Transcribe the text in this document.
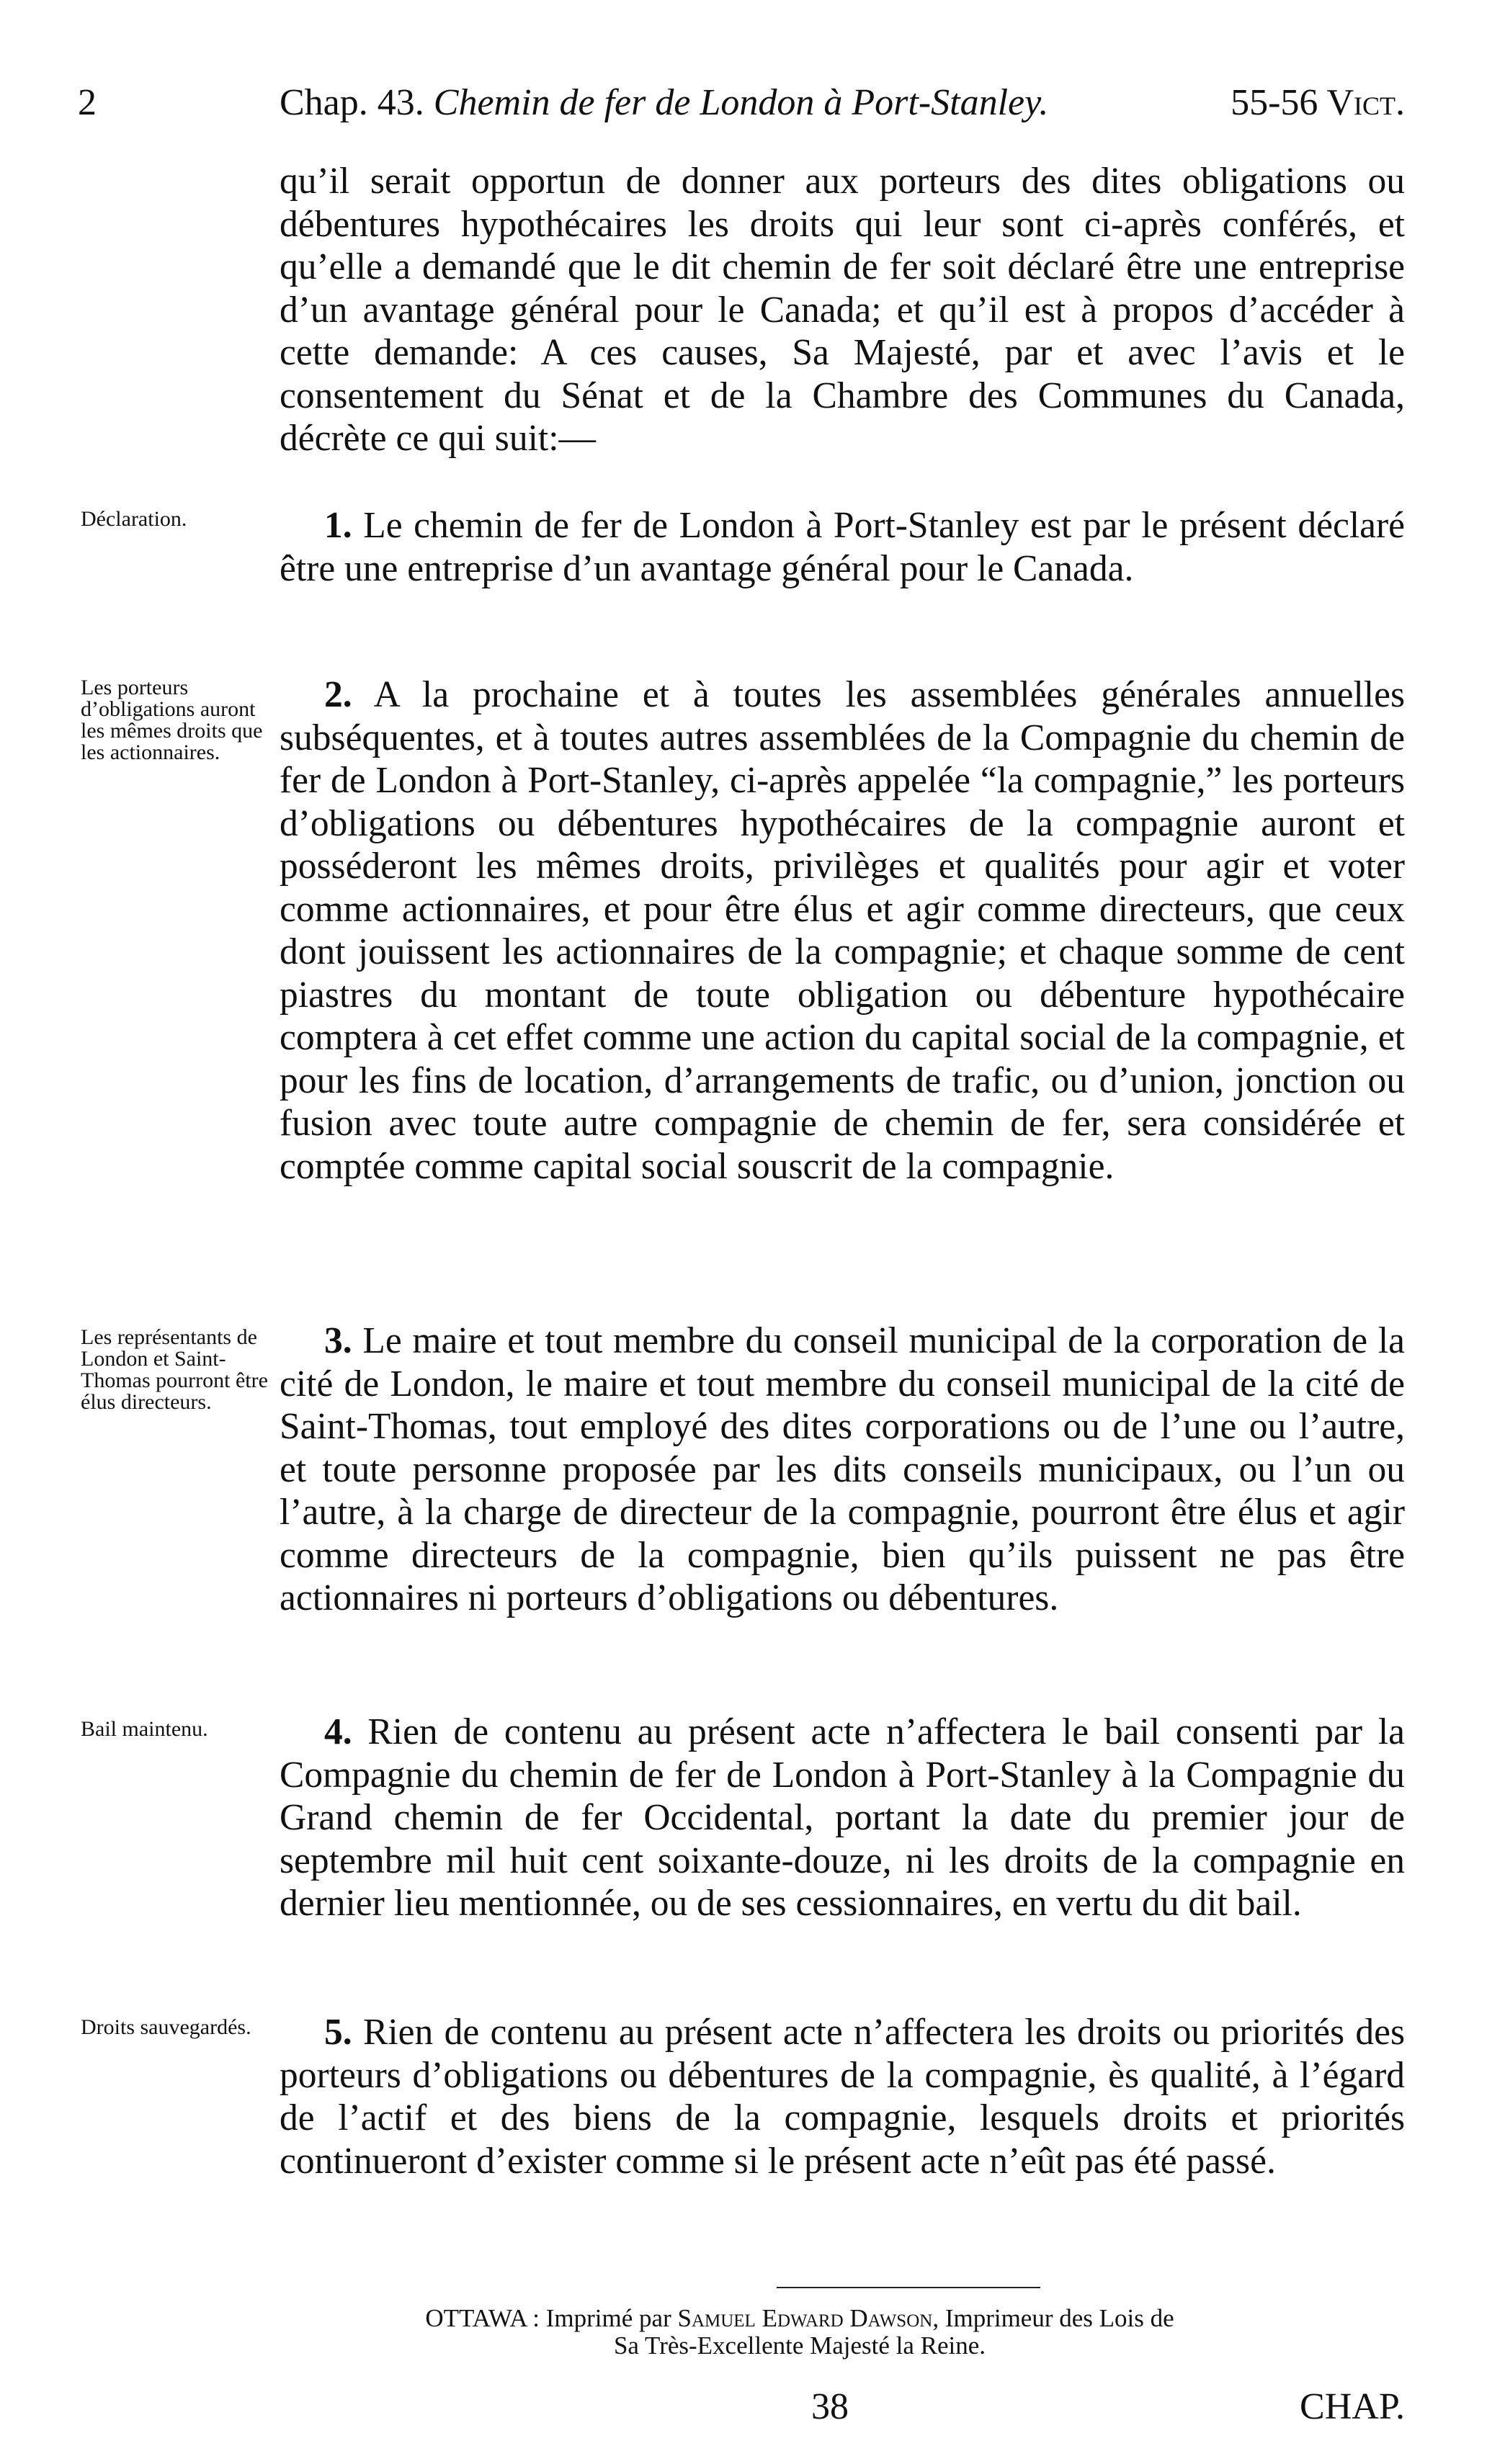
2	Chap. 43. Chemin de fer de London à Port-Stanley.	55-56 Vict.
qu’il serait opportun de donner aux porteurs des dites obligations ou débentures hypothécaires les droits qui leur sont ci-après conférés, et qu’elle a demandé que le dit chemin de fer soit déclaré être une entreprise d’un avantage général pour le Canada; et qu’il est à propos d’accéder à cette demande: A ces causes, Sa Majesté, par et avec l’avis et le consentement du Sénat et de la Chambre des Communes du Canada, décrète ce qui suit:—
Déclaration.	1. Le chemin de fer de London à Port-Stanley est par le présent déclaré être une entreprise d’un avantage général pour le Canada.
Les porteurs d’obligations auront les mêmes droits que les actionnaires.
2. A la prochaine et à toutes les assemblées générales annuelles subséquentes, et à toutes autres assemblées de la Compagnie du chemin de fer de London à Port-Stanley, ci-après appelée “la compagnie,” les porteurs d’obligations ou débentures hypothécaires de la compagnie auront et posséderont les mêmes droits, privilèges et qualités pour agir et voter comme actionnaires, et pour être élus et agir comme directeurs, que ceux dont jouissent les actionnaires de la compagnie; et chaque somme de cent piastres du montant de toute obligation ou débenture hypothécaire comptera à cet effet comme une action du capital social de la compagnie, et pour les fins de location, d’arrangements de trafic, ou d’union, jonction ou fusion avec toute autre compagnie de chemin de fer, sera considérée et comptée comme capital social souscrit de la compagnie.
Les représentants de London et Saint-Thomas pourront être élus directeurs.
3. Le maire et tout membre du conseil municipal de la corporation de la cité de London, le maire et tout membre du conseil municipal de la cité de Saint-Thomas, tout employé des dites corporations ou de l’une ou l’autre, et toute personne proposée par les dits conseils municipaux, ou l’un ou l’autre, à la charge de directeur de la compagnie, pourront être élus et agir comme directeurs de la compagnie, bien qu’ils puissent ne pas être actionnaires ni porteurs d’obligations ou débentures.
Bail maintenu.	4. Rien de contenu au présent acte n’affectera le bail consenti par la Compagnie du chemin de fer de London à Port-Stanley à la Compagnie du Grand chemin de fer Occidental, portant la date du premier jour de septembre mil huit cent soixante-douze, ni les droits de la compagnie en dernier lieu mentionnée, ou de ses cessionnaires, en vertu du dit bail.
Droits sauvegardés.	5. Rien de contenu au présent acte n’affectera les droits ou priorités des porteurs d’obligations ou débentures de la compagnie, ès qualité, à l’égard de l’actif et des biens de la compagnie, lesquels droits et priorités continueront d’exister comme si le présent acte n’eût pas été passé.
OTTAWA : Imprimé par Samuel Edward Dawson, Imprimeur des Lois de
Sa Très-Excellente Majesté la Reine.
38	CHAP.
